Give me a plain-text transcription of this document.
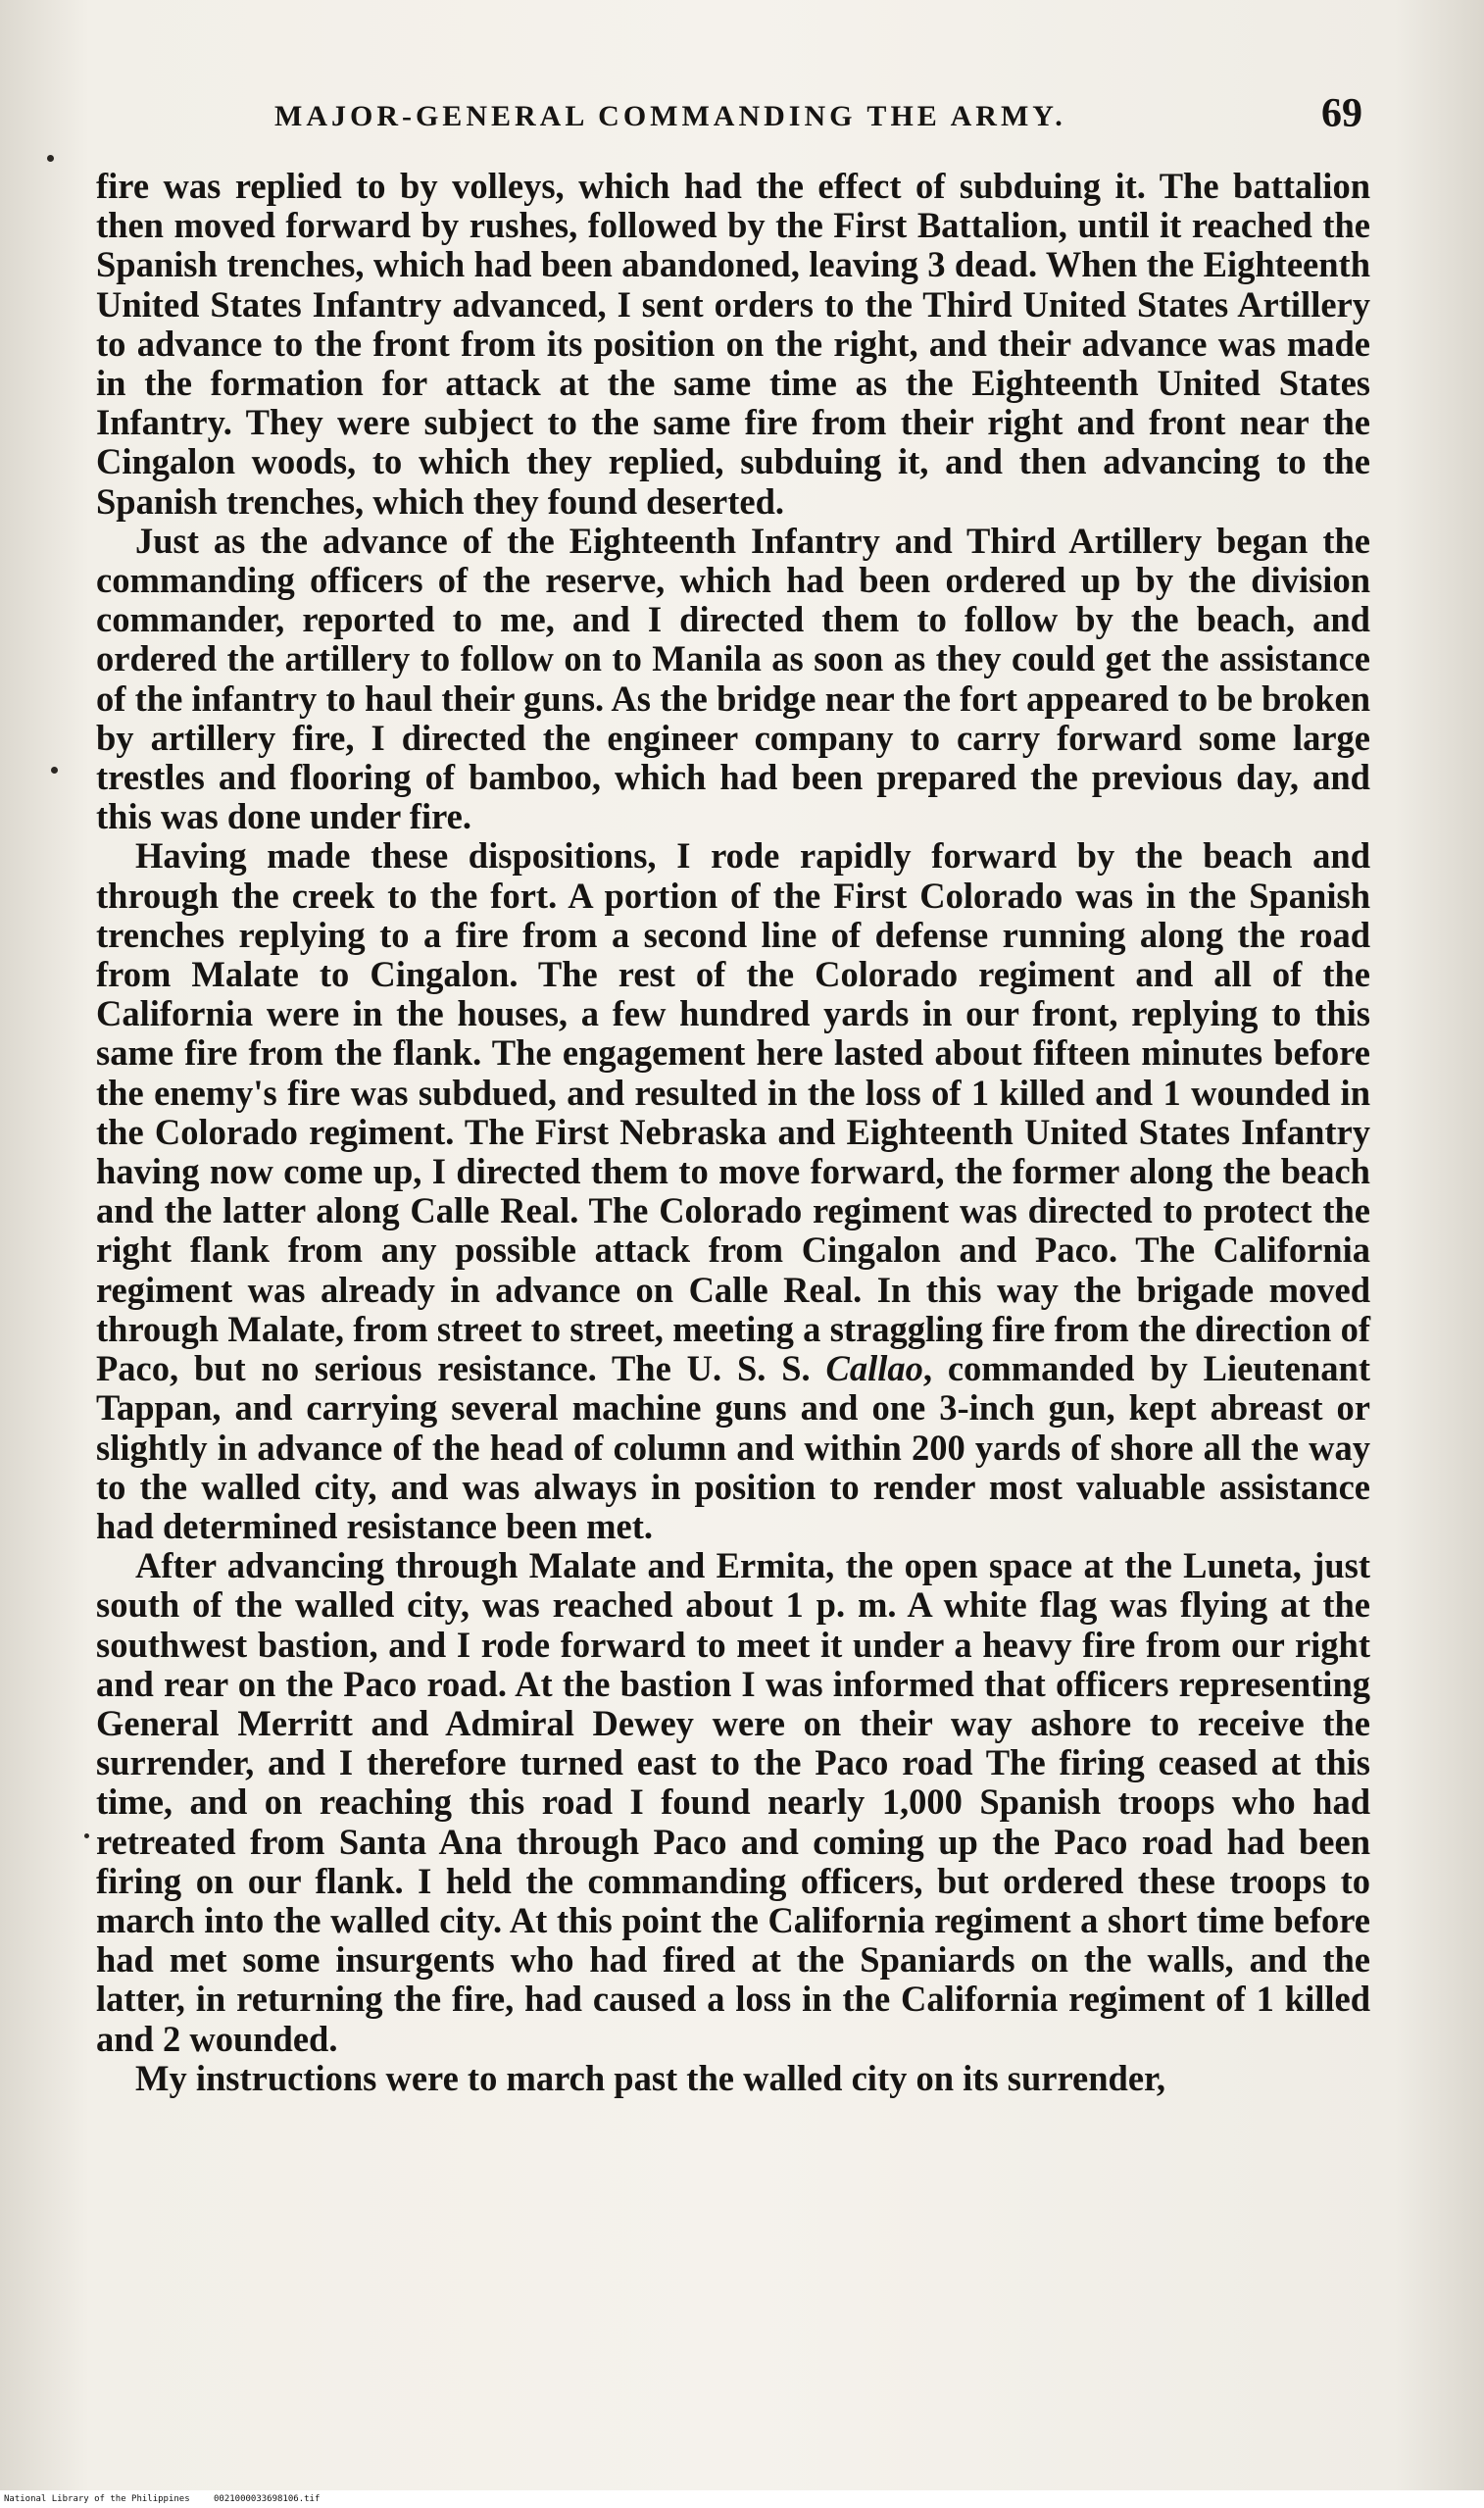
MAJOR-GENERAL COMMANDING THE ARMY.	69

fire was replied to by volleys, which had the effect of subduing it. The battalion then moved forward by rushes, followed by the First Battalion, until it reached the Spanish trenches, which had been abandoned, leaving 3 dead. When the Eighteenth United States Infantry advanced, I sent orders to the Third United States Artillery to advance to the front from its position on the right, and their advance was made in the formation for attack at the same time as the Eighteenth United States Infantry. They were subject to the same fire from their right and front near the Cingalon woods, to which they replied, subduing it, and then advancing to the Spanish trenches, which they found deserted.

Just as the advance of the Eighteenth Infantry and Third Artillery began the commanding officers of the reserve, which had been ordered up by the division commander, reported to me, and I directed them to follow by the beach, and ordered the artillery to follow on to Manila as soon as they could get the assistance of the infantry to haul their guns. As the bridge near the fort appeared to be broken by artillery fire, I directed the engineer company to carry forward some large trestles and flooring of bamboo, which had been prepared the previous day, and this was done under fire.

Having made these dispositions, I rode rapidly forward by the beach and through the creek to the fort. A portion of the First Colorado was in the Spanish trenches replying to a fire from a second line of defense running along the road from Malate to Cingalon. The rest of the Colorado regiment and all of the California were in the houses, a few hundred yards in our front, replying to this same fire from the flank. The engagement here lasted about fifteen minutes before the enemy's fire was subdued, and resulted in the loss of 1 killed and 1 wounded in the Colorado regiment. The First Nebraska and Eighteenth United States Infantry having now come up, I directed them to move forward, the former along the beach and the latter along Calle Real. The Colorado regiment was directed to protect the right flank from any possible attack from Cingalon and Paco. The California regiment was already in advance on Calle Real. In this way the brigade moved through Malate, from street to street, meeting a straggling fire from the direction of Paco, but no serious resistance. The U. S. S. Callao, commanded by Lieutenant Tappan, and carrying several machine guns and one 3-inch gun, kept abreast or slightly in advance of the head of column and within 200 yards of shore all the way to the walled city, and was always in position to render most valuable assistance had determined resistance been met.

After advancing through Malate and Ermita, the open space at the Luneta, just south of the walled city, was reached about 1 p. m. A white flag was flying at the southwest bastion, and I rode forward to meet it under a heavy fire from our right and rear on the Paco road. At the bastion I was informed that officers representing General Merritt and Admiral Dewey were on their way ashore to receive the surrender, and I therefore turned east to the Paco road The firing ceased at this time, and on reaching this road I found nearly 1,000 Spanish troops who had retreated from Santa Ana through Paco and coming up the Paco road had been firing on our flank. I held the commanding officers, but ordered these troops to march into the walled city. At this point the California regiment a short time before had met some insurgents who had fired at the Spaniards on the walls, and the latter, in returning the fire, had caused a loss in the California regiment of 1 killed and 2 wounded.

My instructions were to march past the walled city on its surrender,

National Library of the Philippines	0021000033698106.tif
